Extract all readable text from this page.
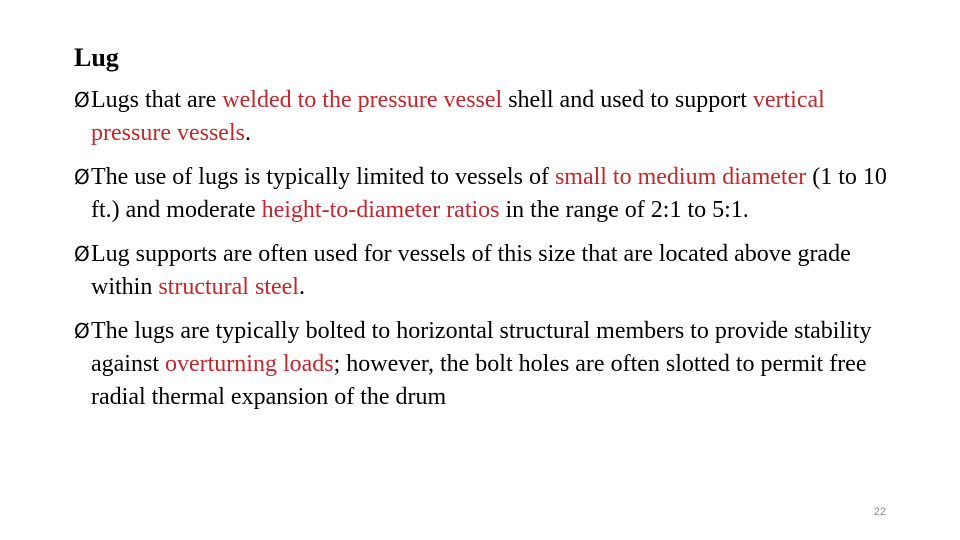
Lug
Ø Lugs that are welded to the pressure vessel shell and used to support vertical pressure vessels.
Ø The use of lugs is typically limited to vessels of small to medium diameter (1 to 10 ft.) and moderate height-to-diameter ratios in the range of 2:1 to 5:1.
Ø Lug supports are often used for vessels of this size that are located above grade within structural steel.
Ø The lugs are typically bolted to horizontal structural members to provide stability against overturning loads; however, the bolt holes are often slotted to permit free radial thermal expansion of the drum
22
